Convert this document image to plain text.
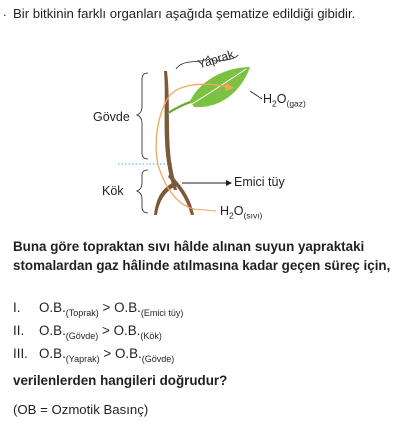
. Bir bitkinin farklı organları aşağıda şematize edildiği gibidir.
Yaprak
Gövde
Kök
Emici tüy
$H_2O_{(gaz)}$
$H_2O_{(sıvı)}$
Buna göre topraktan sıvı hâlde alınan suyun yapraktaki stomalardan gaz hâlinde atılmasına kadar geçen süreç için,
I. $O.B._{(Toprak)} > O.B._{(Emici tüy)}$
II. $O.B._{(Gövde)} > O.B._{(Kök)}$
III. $O.B._{(Yaprak)} > O.B._{(Gövde)}$
verilenlerden hangileri doğrudur?
(OB = Ozmotik Basınç)
